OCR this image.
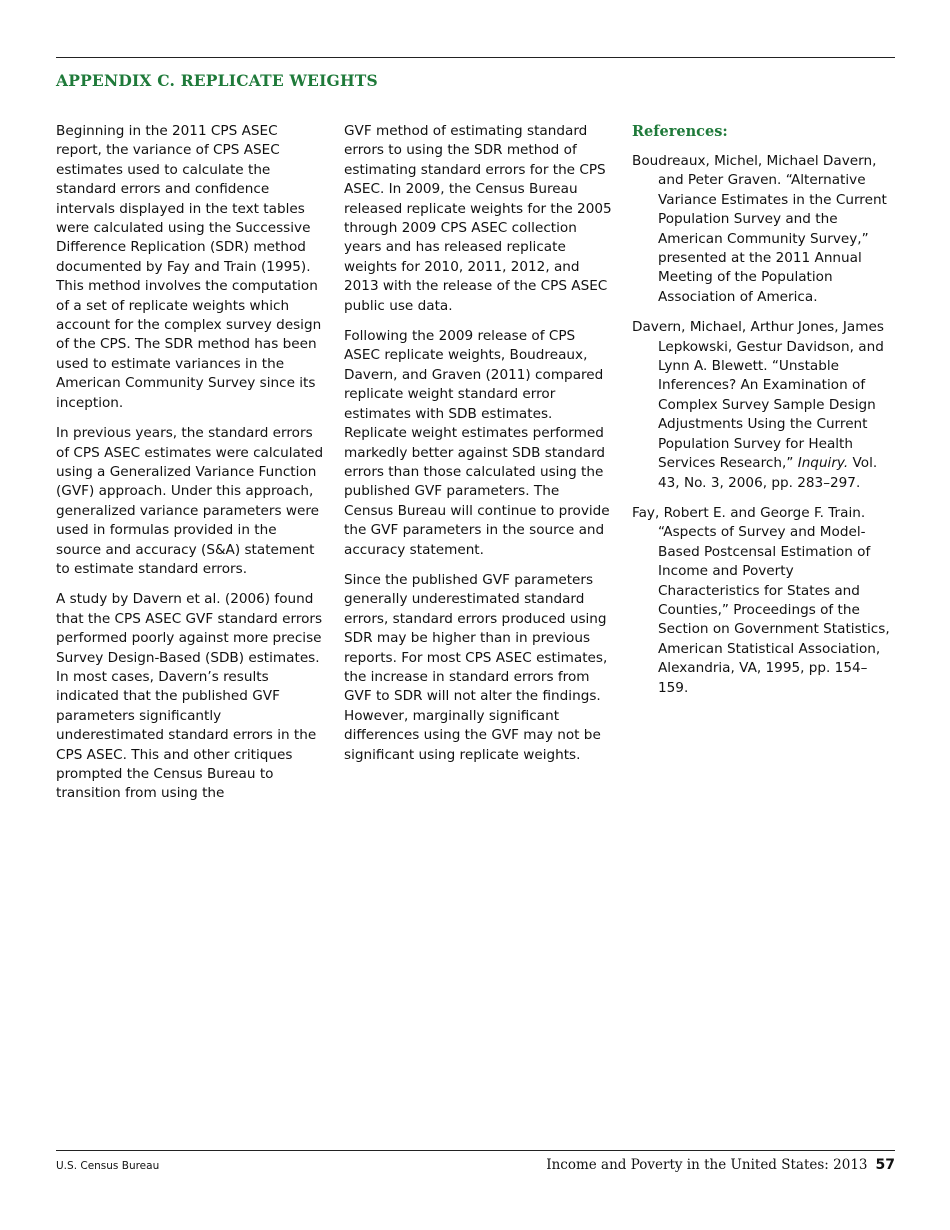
APPENDIX C. REPLICATE WEIGHTS

Beginning in the 2011 CPS ASEC report, the variance of CPS ASEC estimates used to calculate the standard errors and confidence intervals displayed in the text tables were calculated using the Successive Difference Replication (SDR) method documented by Fay and Train (1995). This method involves the computation of a set of replicate weights which account for the complex survey design of the CPS. The SDR method has been used to estimate variances in the American Community Survey since its inception.

In previous years, the standard errors of CPS ASEC estimates were calculated using a Generalized Variance Function (GVF) approach. Under this approach, generalized variance parameters were used in formulas provided in the source and accuracy (S&A) statement to estimate standard errors.

A study by Davern et al. (2006) found that the CPS ASEC GVF standard errors performed poorly against more precise Survey Design-Based (SDB) estimates. In most cases, Davern’s results indicated that the published GVF parameters significantly underestimated standard errors in the CPS ASEC. This and other critiques prompted the Census Bureau to transition from using the

GVF method of estimating standard errors to using the SDR method of estimating standard errors for the CPS ASEC. In 2009, the Census Bureau released replicate weights for the 2005 through 2009 CPS ASEC collection years and has released replicate weights for 2010, 2011, 2012, and 2013 with the release of the CPS ASEC public use data.

Following the 2009 release of CPS ASEC replicate weights, Boudreaux, Davern, and Graven (2011) compared replicate weight standard error estimates with SDB estimates. Replicate weight estimates performed markedly better against SDB standard errors than those calculated using the published GVF parameters. The Census Bureau will continue to provide the GVF parameters in the source and accuracy statement.

Since the published GVF parameters generally underestimated standard errors, standard errors produced using SDR may be higher than in previous reports. For most CPS ASEC estimates, the increase in standard errors from GVF to SDR will not alter the findings. However, marginally significant differences using the GVF may not be significant using replicate weights.

References:

Boudreaux, Michel, Michael Davern, and Peter Graven. “Alternative Variance Estimates in the Current Population Survey and the American Community Survey,” presented at the 2011 Annual Meeting of the Population Association of America.

Davern, Michael, Arthur Jones, James Lepkowski, Gestur Davidson, and Lynn A. Blewett. “Unstable Inferences? An Examination of Complex Survey Sample Design Adjustments Using the Current Population Survey for Health Services Research,” Inquiry. Vol. 43, No. 3, 2006, pp. 283–297.

Fay, Robert E. and George F. Train. “Aspects of Survey and Model-Based Postcensal Estimation of Income and Poverty Characteristics for States and Counties,” Proceedings of the Section on Government Statistics, American Statistical Association, Alexandria, VA, 1995, pp. 154–159.

U.S. Census Bureau	Income and Poverty in the United States: 2013 57
